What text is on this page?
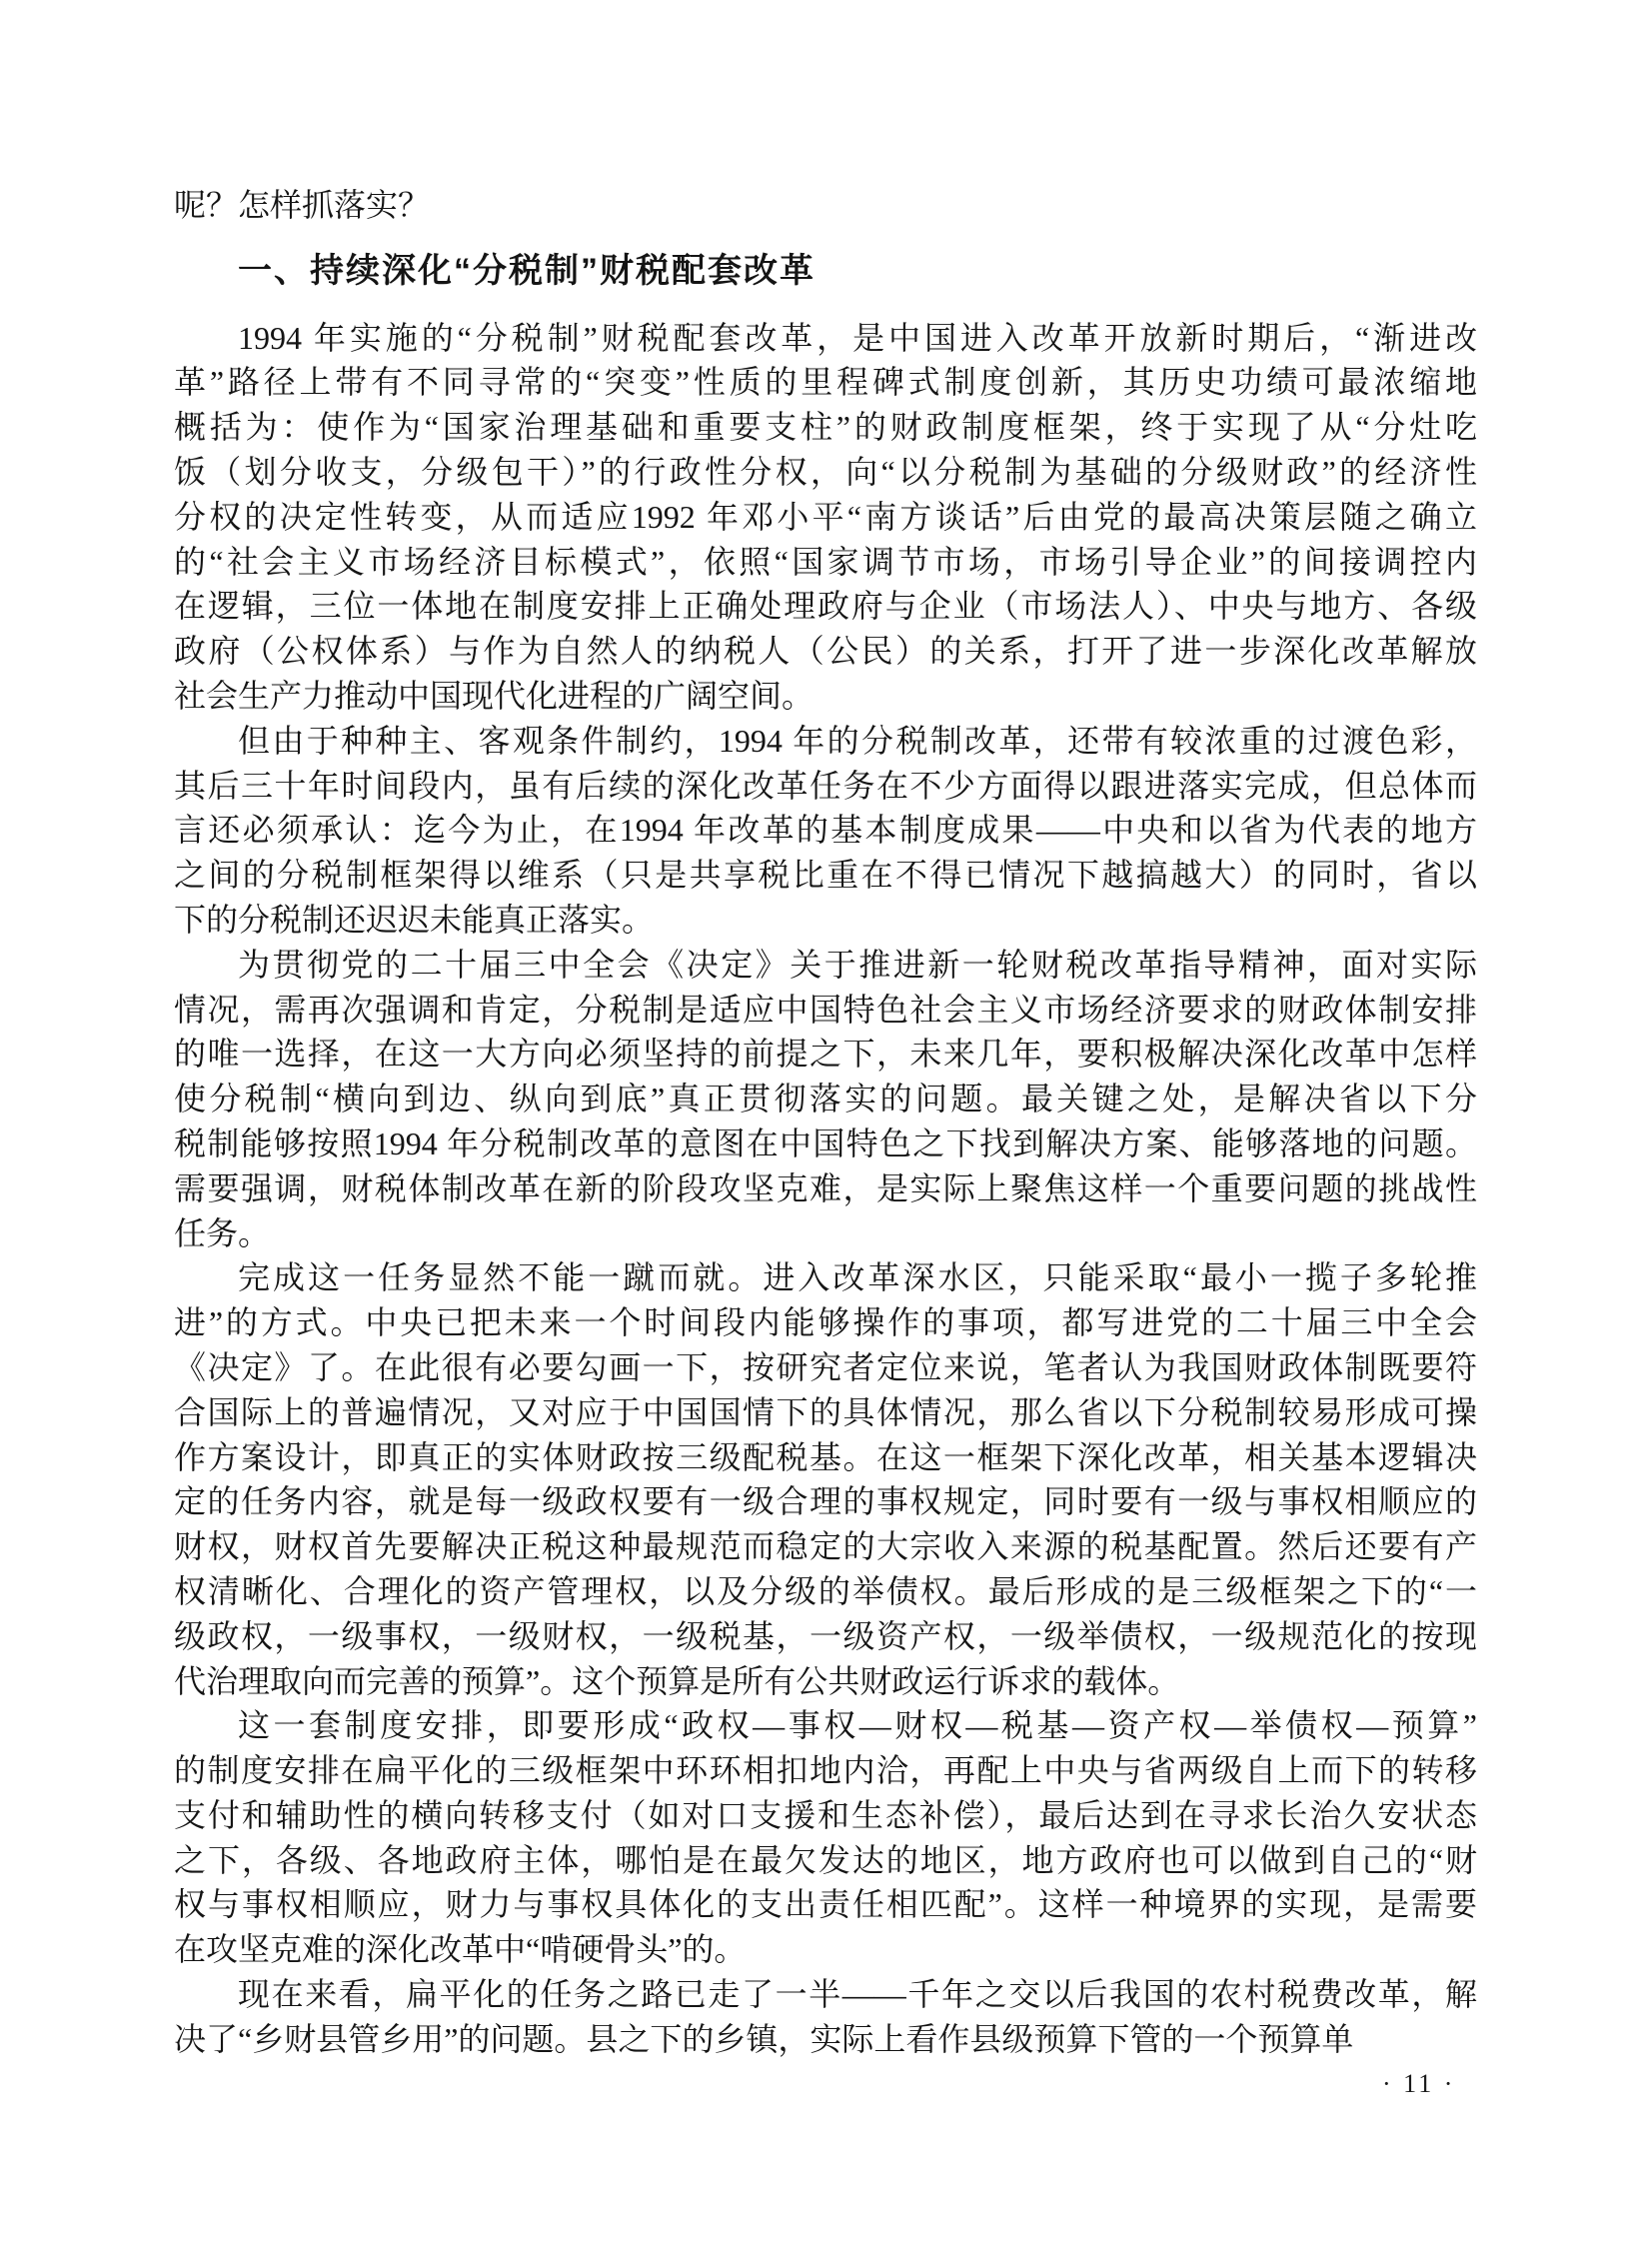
呢？怎样抓落实？
一、持续深化“分税制”财税配套改革
1994 年实施的“分税制”财税配套改革，是中国进入改革开放新时期后，“渐进改
革”路径上带有不同寻常的“突变”性质的里程碑式制度创新，其历史功绩可最浓缩地
概括为：使作为“国家治理基础和重要支柱”的财政制度框架，终于实现了从“分灶吃
饭（划分收支，分级包干）”的行政性分权，向“以分税制为基础的分级财政”的经济性
分权的决定性转变，从而适应1992 年邓小平“南方谈话”后由党的最高决策层随之确立
的“社会主义市场经济目标模式”，依照“国家调节市场，市场引导企业”的间接调控内
在逻辑，三位一体地在制度安排上正确处理政府与企业（市场法人）、中央与地方、各级
政府（公权体系）与作为自然人的纳税人（公民）的关系，打开了进一步深化改革解放
社会生产力推动中国现代化进程的广阔空间。
但由于种种主、客观条件制约，1994 年的分税制改革，还带有较浓重的过渡色彩，
其后三十年时间段内，虽有后续的深化改革任务在不少方面得以跟进落实完成，但总体而
言还必须承认：迄今为止，在1994 年改革的基本制度成果——中央和以省为代表的地方
之间的分税制框架得以维系（只是共享税比重在不得已情况下越搞越大）的同时，省以
下的分税制还迟迟未能真正落实。
为贯彻党的二十届三中全会《决定》关于推进新一轮财税改革指导精神，面对实际
情况，需再次强调和肯定，分税制是适应中国特色社会主义市场经济要求的财政体制安排
的唯一选择，在这一大方向必须坚持的前提之下，未来几年，要积极解决深化改革中怎样
使分税制“横向到边、纵向到底”真正贯彻落实的问题。最关键之处，是解决省以下分
税制能够按照1994 年分税制改革的意图在中国特色之下找到解决方案、能够落地的问题。
需要强调，财税体制改革在新的阶段攻坚克难，是实际上聚焦这样一个重要问题的挑战性
任务。
完成这一任务显然不能一蹴而就。进入改革深水区，只能采取“最小一揽子多轮推
进”的方式。中央已把未来一个时间段内能够操作的事项，都写进党的二十届三中全会
《决定》了。在此很有必要勾画一下，按研究者定位来说，笔者认为我国财政体制既要符
合国际上的普遍情况，又对应于中国国情下的具体情况，那么省以下分税制较易形成可操
作方案设计，即真正的实体财政按三级配税基。在这一框架下深化改革，相关基本逻辑决
定的任务内容，就是每一级政权要有一级合理的事权规定，同时要有一级与事权相顺应的
财权，财权首先要解决正税这种最规范而稳定的大宗收入来源的税基配置。然后还要有产
权清晰化、合理化的资产管理权，以及分级的举债权。最后形成的是三级框架之下的“一
级政权，一级事权，一级财权，一级税基，一级资产权，一级举债权，一级规范化的按现
代治理取向而完善的预算”。这个预算是所有公共财政运行诉求的载体。
这一套制度安排，即要形成“政权—事权—财权—税基—资产权—举债权—预算”
的制度安排在扁平化的三级框架中环环相扣地内洽，再配上中央与省两级自上而下的转移
支付和辅助性的横向转移支付（如对口支援和生态补偿），最后达到在寻求长治久安状态
之下，各级、各地政府主体，哪怕是在最欠发达的地区，地方政府也可以做到自己的“财
权与事权相顺应，财力与事权具体化的支出责任相匹配”。这样一种境界的实现，是需要
在攻坚克难的深化改革中“啃硬骨头”的。
现在来看，扁平化的任务之路已走了一半——千年之交以后我国的农村税费改革，解
决了“乡财县管乡用”的问题。县之下的乡镇，实际上看作县级预算下管的一个预算单
· 11 ·
